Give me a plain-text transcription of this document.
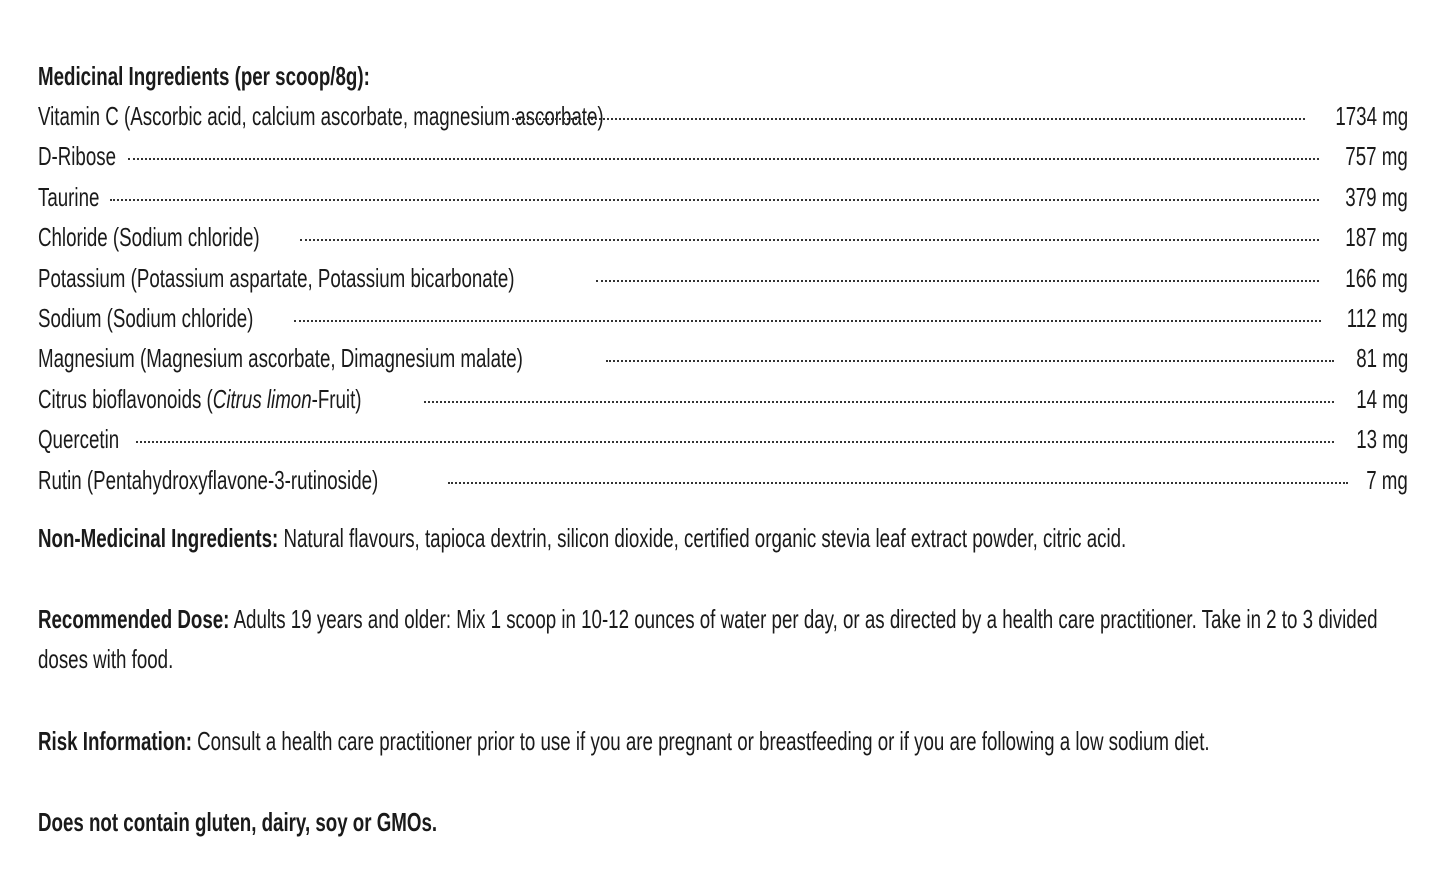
Medicinal Ingredients (per scoop/8g):
Vitamin C (Ascorbic acid, calcium ascorbate, magnesium ascorbate)	1734 mg
D-Ribose	757 mg
Taurine	379 mg
Chloride (Sodium chloride)	187 mg
Potassium (Potassium aspartate, Potassium bicarbonate)	166 mg
Sodium (Sodium chloride)	112 mg
Magnesium (Magnesium ascorbate, Dimagnesium malate)	81 mg
Citrus bioflavonoids (Citrus limon-Fruit)	14 mg
Quercetin	13 mg
Rutin (Pentahydroxyflavone-3-rutinoside)	7 mg

Non-Medicinal Ingredients: Natural flavours, tapioca dextrin, silicon dioxide, certified organic stevia leaf extract powder, citric acid.

Recommended Dose: Adults 19 years and older: Mix 1 scoop in 10-12 ounces of water per day, or as directed by a health care practitioner. Take in 2 to 3 divided doses with food.

Risk Information: Consult a health care practitioner prior to use if you are pregnant or breastfeeding or if you are following a low sodium diet.

Does not contain gluten, dairy, soy or GMOs.
